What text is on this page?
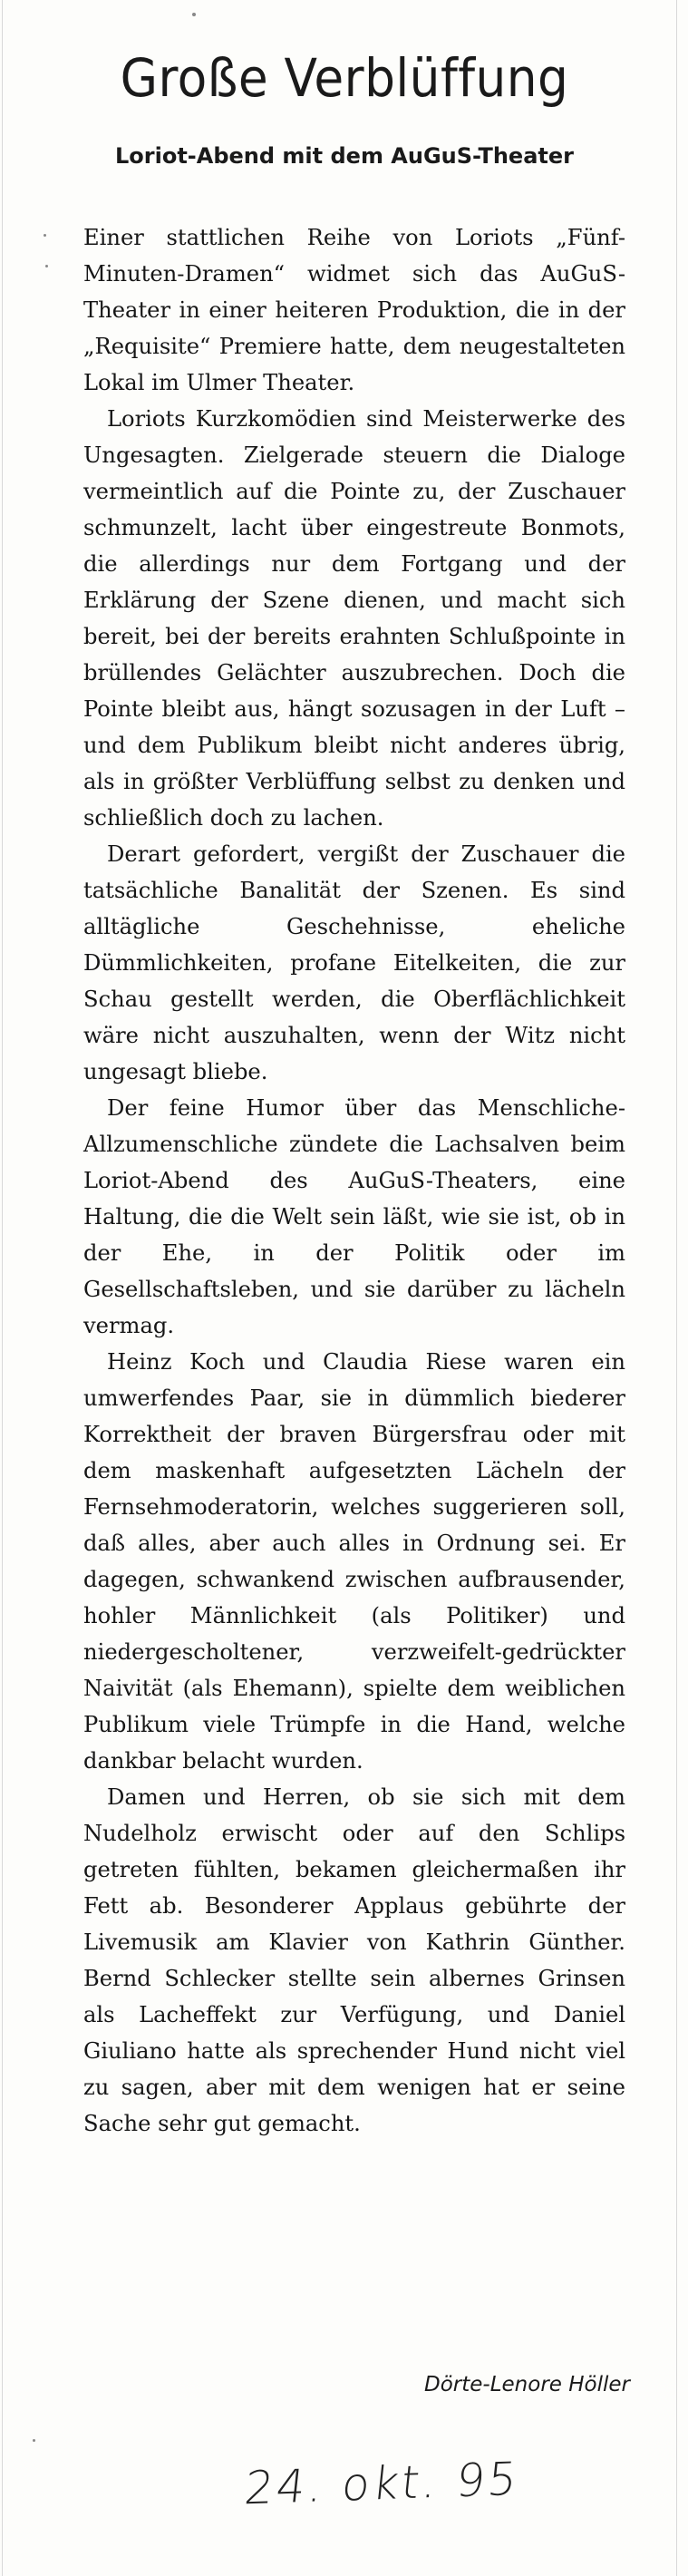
Große Verblüffung
Loriot-Abend mit dem AuGuS-Theater

Einer stattlichen Reihe von Loriots „Fünf-Minuten-Dramen“ widmet sich das AuGuS-Theater in einer heiteren Produktion, die in der „Requisite“ Premiere hatte, dem neugestalteten Lokal im Ulmer Theater.

Loriots Kurzkomödien sind Meisterwerke des Ungesagten. Zielgerade steuern die Dialoge vermeintlich auf die Pointe zu, der Zuschauer schmunzelt, lacht über eingestreute Bonmots, die allerdings nur dem Fortgang und der Erklärung der Szene dienen, und macht sich bereit, bei der bereits erahnten Schlußpointe in brüllendes Gelächter auszubrechen. Doch die Pointe bleibt aus, hängt sozusagen in der Luft – und dem Publikum bleibt nicht anderes übrig, als in größter Verblüffung selbst zu denken und schließlich doch zu lachen.

Derart gefordert, vergißt der Zuschauer die tatsächliche Banalität der Szenen. Es sind alltägliche Geschehnisse, eheliche Dümmlichkeiten, profane Eitelkeiten, die zur Schau gestellt werden, die Oberflächlichkeit wäre nicht auszuhalten, wenn der Witz nicht ungesagt bliebe.

Der feine Humor über das Menschliche-Allzumenschliche zündete die Lachsalven beim Loriot-Abend des AuGuS-Theaters, eine Haltung, die die Welt sein läßt, wie sie ist, ob in der Ehe, in der Politik oder im Gesellschaftsleben, und sie darüber zu lächeln vermag.

Heinz Koch und Claudia Riese waren ein umwerfendes Paar, sie in dümmlich biederer Korrektheit der braven Bürgersfrau oder mit dem maskenhaft aufgesetzten Lächeln der Fernsehmoderatorin, welches suggerieren soll, daß alles, aber auch alles in Ordnung sei. Er dagegen, schwankend zwischen aufbrausender, hohler Männlichkeit (als Politiker) und niedergescholtener, verzweifelt-gedrückter Naivität (als Ehemann), spielte dem weiblichen Publikum viele Trümpfe in die Hand, welche dankbar belacht wurden.

Damen und Herren, ob sie sich mit dem Nudelholz erwischt oder auf den Schlips getreten fühlten, bekamen gleichermaßen ihr Fett ab. Besonderer Applaus gebührte der Livemusik am Klavier von Kathrin Günther. Bernd Schlecker stellte sein albernes Grinsen als Lacheffekt zur Verfügung, und Daniel Giuliano hatte als sprechender Hund nicht viel zu sagen, aber mit dem wenigen hat er seine Sache sehr gut gemacht.

Dörte-Lenore Höller
24. okt. 95
